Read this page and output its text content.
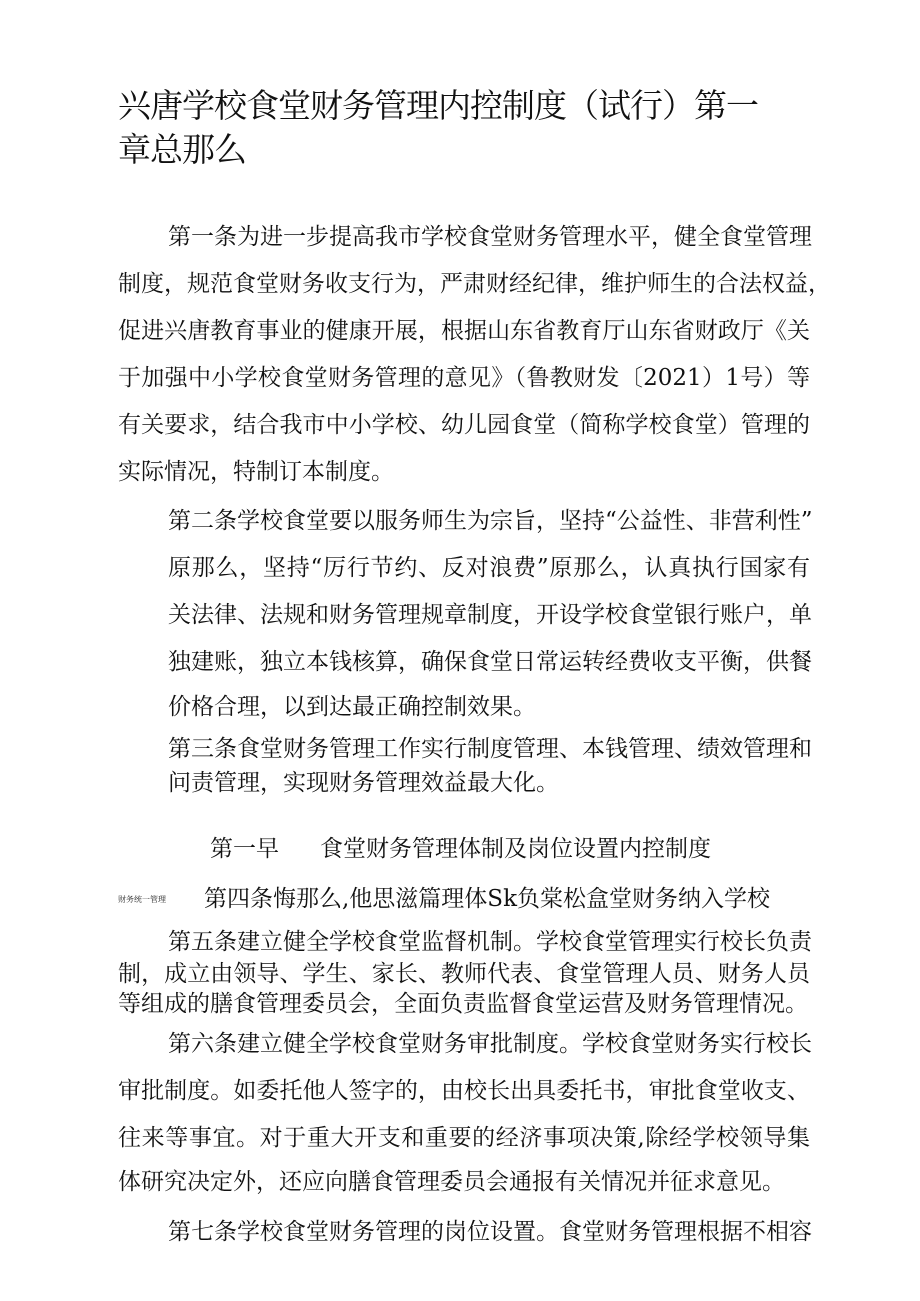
兴唐学校食堂财务管理内控制度（试行）第一
章总那么

第一条为进一步提高我市学校食堂财务管理水平，健全食堂管理

制度，规范食堂财务收支行为，严肃财经纪律，维护师生的合法权益，

促进兴唐教育事业的健康开展，根据山东省教育厅山东省财政厅《关

于加强中小学校食堂财务管理的意见》（鲁教财发〔2021）1号）等

有关要求，结合我市中小学校、幼儿园食堂（简称学校食堂）管理的

实际情况，特制订本制度。

第二条学校食堂要以服务师生为宗旨，坚持“公益性、非营利性”

原那么，坚持“厉行节约、反对浪费”原那么，认真执行国家有

关法律、法规和财务管理规章制度，开设学校食堂银行账户，单

独建账，独立本钱核算，确保食堂日常运转经费收支平衡，供餐

价格合理，以到达最正确控制效果。

第三条食堂财务管理工作实行制度管理、本钱管理、绩效管理和

问责管理，实现财务管理效益最大化。

第一早 食堂财务管理体制及岗位设置内控制度
财务统一管理 第四条悔那么,他思滋篇理体Sk负棠松盒堂财务纳入学校

第五条建立健全学校食堂监督机制。学校食堂管理实行校长负责

制，成立由领导、学生、家长、教师代表、食堂管理人员、财务人员

等组成的膳食管理委员会，全面负责监督食堂运营及财务管理情况。

第六条建立健全学校食堂财务审批制度。学校食堂财务实行校长

审批制度。如委托他人签字的，由校长出具委托书，审批食堂收支、

往来等事宜。对于重大开支和重要的经济事项决策,除经学校领导集

体研究决定外，还应向膳食管理委员会通报有关情况并征求意见。

第七条学校食堂财务管理的岗位设置。食堂财务管理根据不相容
